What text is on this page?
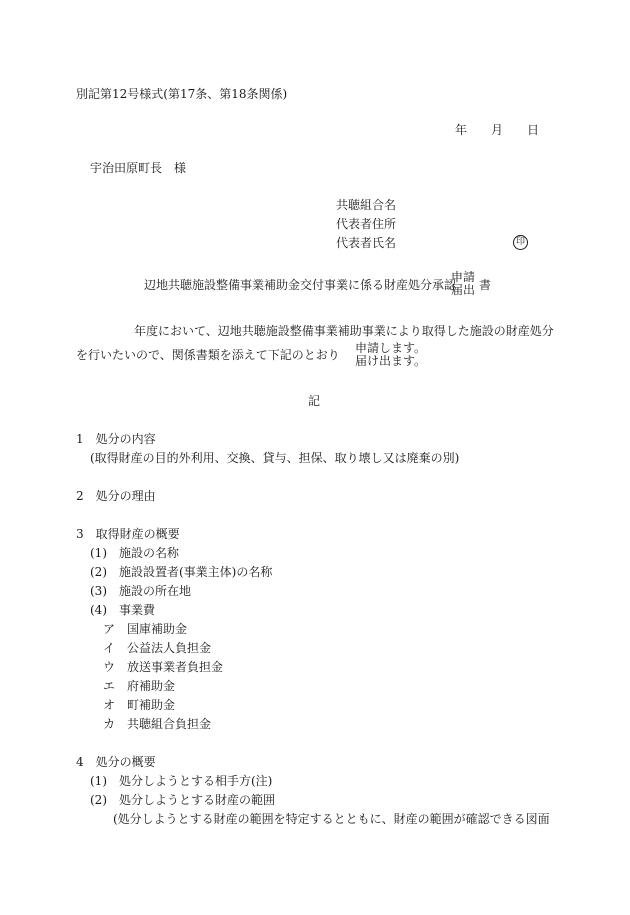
別記第12号様式(第17条、第18条関係)
年 月 日
宇治田原町長　様
共聴組合名
代表者住所
代表者氏名	印
辺地共聴施設整備事業補助金交付事業に係る財産処分承認
申請
届出 書
年度において、辺地共聴施設整備事業補助事業により取得した施設の財産処分
を行いたいので、関係書類を添えて下記のとおり 申請します。
届け出ます。
記
1　処分の内容
(取得財産の目的外利用、交換、貸与、担保、取り壊し又は廃棄の別)
2　処分の理由
3　取得財産の概要
(1)　施設の名称
(2)　施設設置者(事業主体)の名称
(3)　施設の所在地
(4)　事業費
ア　国庫補助金
イ　公益法人負担金
ウ　放送事業者負担金
エ　府補助金
オ　町補助金
カ　共聴組合負担金
4　処分の概要
(1)　処分しようとする相手方(注)
(2)　処分しようとする財産の範囲
(処分しようとする財産の範囲を特定するとともに、財産の範囲が確認できる図面
